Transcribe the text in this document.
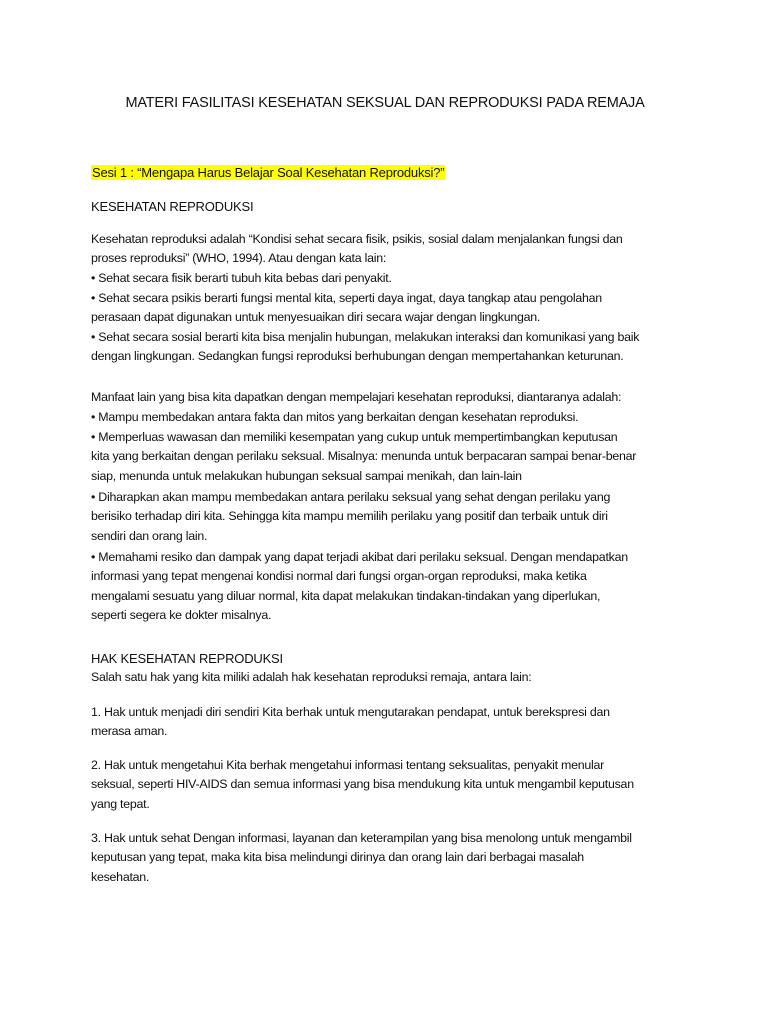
MATERI FASILITASI KESEHATAN SEKSUAL DAN REPRODUKSI PADA REMAJA
Sesi 1 : “Mengapa Harus Belajar Soal Kesehatan Reproduksi?”
KESEHATAN REPRODUKSI

Kesehatan reproduksi adalah “Kondisi sehat secara fisik, psikis, sosial dalam menjalankan fungsi dan

proses reproduksi” (WHO, 1994). Atau dengan kata lain:

• Sehat secara fisik berarti tubuh kita bebas dari penyakit.

• Sehat secara psikis berarti fungsi mental kita, seperti daya ingat, daya tangkap atau pengolahan

perasaan dapat digunakan untuk menyesuaikan diri secara wajar dengan lingkungan.

• Sehat secara sosial berarti kita bisa menjalin hubungan, melakukan interaksi dan komunikasi yang baik

dengan lingkungan. Sedangkan fungsi reproduksi berhubungan dengan mempertahankan keturunan.

Manfaat lain yang bisa kita dapatkan dengan mempelajari kesehatan reproduksi, diantaranya adalah:

• Mampu membedakan antara fakta dan mitos yang berkaitan dengan kesehatan reproduksi.

• Memperluas wawasan dan memiliki kesempatan yang cukup untuk mempertimbangkan keputusan

kita yang berkaitan dengan perilaku seksual. Misalnya: menunda untuk berpacaran sampai benar-benar

siap, menunda untuk melakukan hubungan seksual sampai menikah, dan lain-lain

• Diharapkan akan mampu membedakan antara perilaku seksual yang sehat dengan perilaku yang

berisiko terhadap diri kita. Sehingga kita mampu memilih perilaku yang positif dan terbaik untuk diri

sendiri dan orang lain.

• Memahami resiko dan dampak yang dapat terjadi akibat dari perilaku seksual. Dengan mendapatkan

informasi yang tepat mengenai kondisi normal dari fungsi organ-organ reproduksi, maka ketika

mengalami sesuatu yang diluar normal, kita dapat melakukan tindakan-tindakan yang diperlukan,

seperti segera ke dokter misalnya.

HAK KESEHATAN REPRODUKSI

Salah satu hak yang kita miliki adalah hak kesehatan reproduksi remaja, antara lain:

1. Hak untuk menjadi diri sendiri Kita berhak untuk mengutarakan pendapat, untuk berekspresi dan

merasa aman.

2. Hak untuk mengetahui Kita berhak mengetahui informasi tentang seksualitas, penyakit menular

seksual, seperti HIV-AIDS dan semua informasi yang bisa mendukung kita untuk mengambil keputusan

yang tepat.

3. Hak untuk sehat Dengan informasi, layanan dan keterampilan yang bisa menolong untuk mengambil

keputusan yang tepat, maka kita bisa melindungi dirinya dan orang lain dari berbagai masalah

kesehatan.
